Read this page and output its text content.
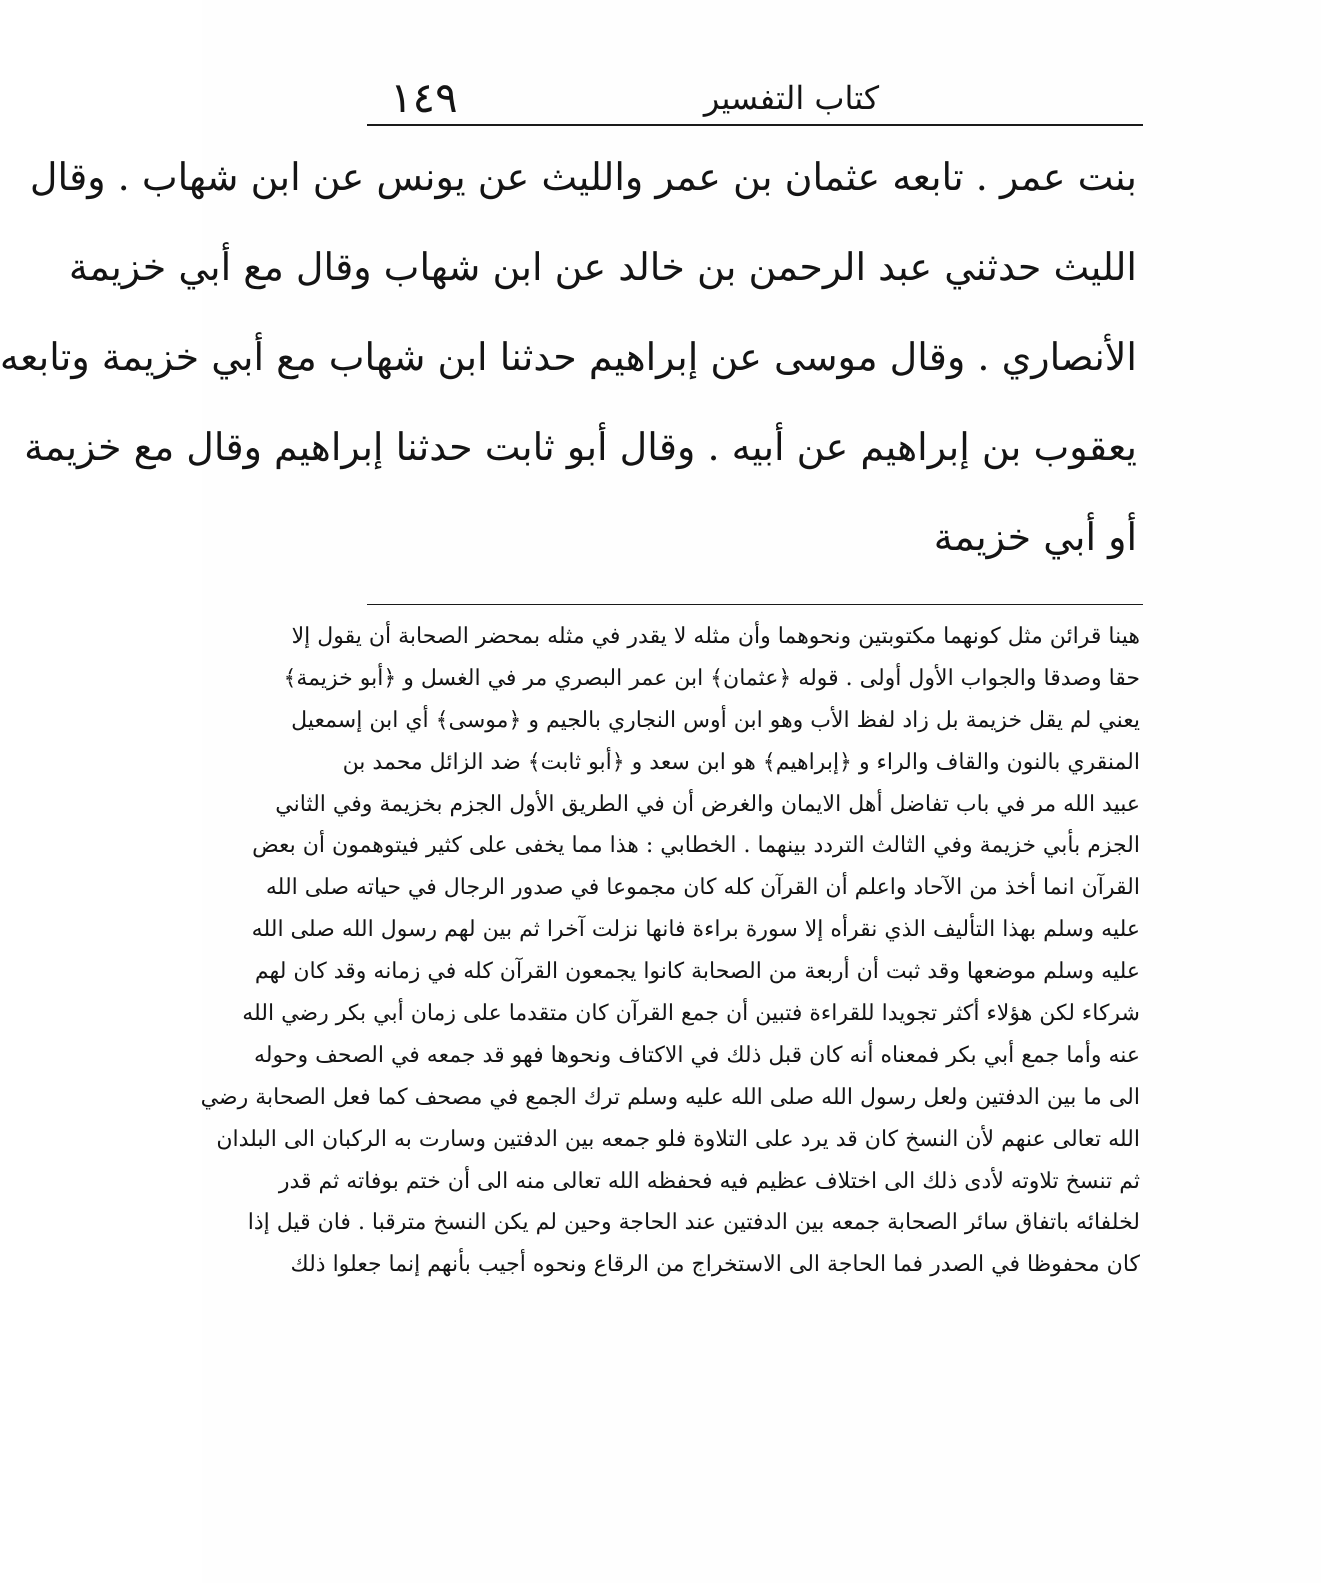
١٤٩	كتاب التفسير
بنت عمر . تابعه عثمان بن عمر والليث عن يونس عن ابن شهاب . وقال
الليث حدثني عبد الرحمن بن خالد عن ابن شهاب وقال مع أبي خزيمة
الأنصاري . وقال موسى عن إبراهيم حدثنا ابن شهاب مع أبي خزيمة وتابعه
يعقوب بن إبراهيم عن أبيه . وقال أبو ثابت حدثنا إبراهيم وقال مع خزيمة
أو أبي خزيمة
هينا قرائن مثل كونهما مكتوبتين ونحوهما وأن مثله لا يقدر في مثله بمحضر الصحابة أن يقول إلا
حقا وصدقا والجواب الأول أولى . قوله ﴿عثمان﴾ ابن عمر البصري مر في الغسل و ﴿أبو خزيمة﴾
يعني لم يقل خزيمة بل زاد لفظ الأب وهو ابن أوس النجاري بالجيم و ﴿موسى﴾ أي ابن إسمعيل
المنقري بالنون والقاف والراء و ﴿إبراهيم﴾ هو ابن سعد و ﴿أبو ثابت﴾ ضد الزائل محمد بن
عبيد الله مر في باب تفاضل أهل الايمان والغرض أن في الطريق الأول الجزم بخزيمة وفي الثاني
الجزم بأبي خزيمة وفي الثالث التردد بينهما . الخطابي : هذا مما يخفى على كثير فيتوهمون أن بعض
القرآن انما أخذ من الآحاد واعلم أن القرآن كله كان مجموعا في صدور الرجال في حياته صلى الله
عليه وسلم بهذا التأليف الذي نقرأه إلا سورة براءة فانها نزلت آخرا ثم بين لهم رسول الله صلى الله
عليه وسلم موضعها وقد ثبت أن أربعة من الصحابة كانوا يجمعون القرآن كله في زمانه وقد كان لهم
شركاء لكن هؤلاء أكثر تجويدا للقراءة فتبين أن جمع القرآن كان متقدما على زمان أبي بكر رضي الله
عنه وأما جمع أبي بكر فمعناه أنه كان قبل ذلك في الاكتاف ونحوها فهو قد جمعه في الصحف وحوله
الى ما بين الدفتين ولعل رسول الله صلى الله عليه وسلم ترك الجمع في مصحف كما فعل الصحابة رضي
الله تعالى عنهم لأن النسخ كان قد يرد على التلاوة فلو جمعه بين الدفتين وسارت به الركبان الى البلدان
ثم تنسخ تلاوته لأدى ذلك الى اختلاف عظيم فيه فحفظه الله تعالى منه الى أن ختم بوفاته ثم قدر
لخلفائه باتفاق سائر الصحابة جمعه بين الدفتين عند الحاجة وحين لم يكن النسخ مترقبا . فان قيل إذا
كان محفوظا في الصدر فما الحاجة الى الاستخراج من الرقاع ونحوه أجيب بأنهم إنما جعلوا ذلك
